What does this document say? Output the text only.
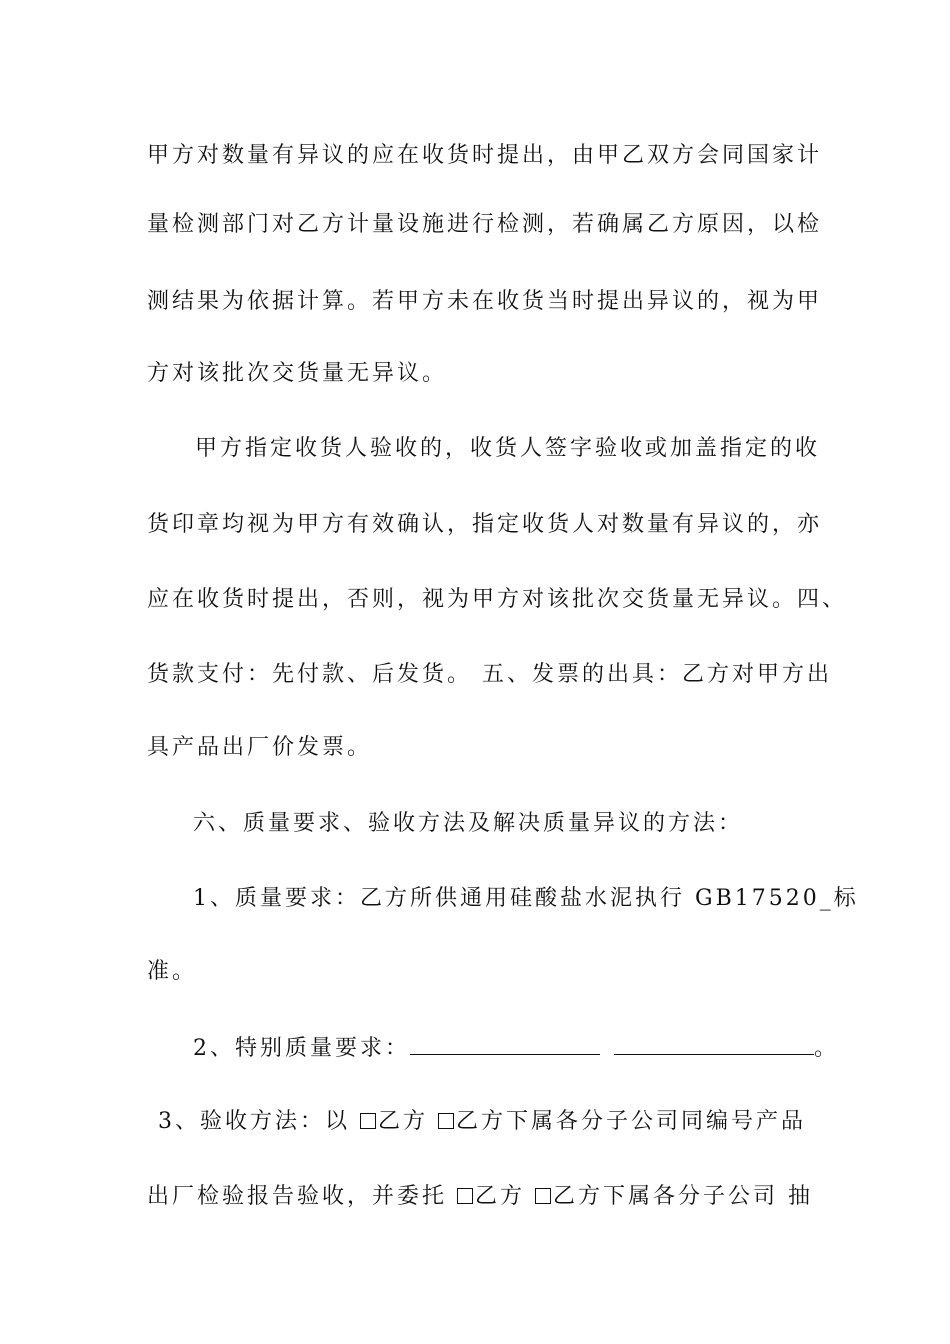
甲方对数量有异议的应在收货时提出，由甲乙双方会同国家计
量检测部门对乙方计量设施进行检测，若确属乙方原因，以检
测结果为依据计算。若甲方未在收货当时提出异议的，视为甲
方对该批次交货量无异议。
甲方指定收货人验收的，收货人签字验收或加盖指定的收
货印章均视为甲方有效确认，指定收货人对数量有异议的，亦
应在收货时提出，否则，视为甲方对该批次交货量无异议。四、
货款支付：先付款、后发货。 五、发票的出具：乙方对甲方出
具产品出厂价发票。
六、质量要求、验收方法及解决质量异议的方法：
1、质量要求：乙方所供通用硅酸盐水泥执行 GB17520_标
准。
2、特别质量要求：	。
3、验收方法：以 乙方 乙方下属各分子公司同编号产品
出厂检验报告验收，并委托 乙方 乙方下属各分子公司 抽
